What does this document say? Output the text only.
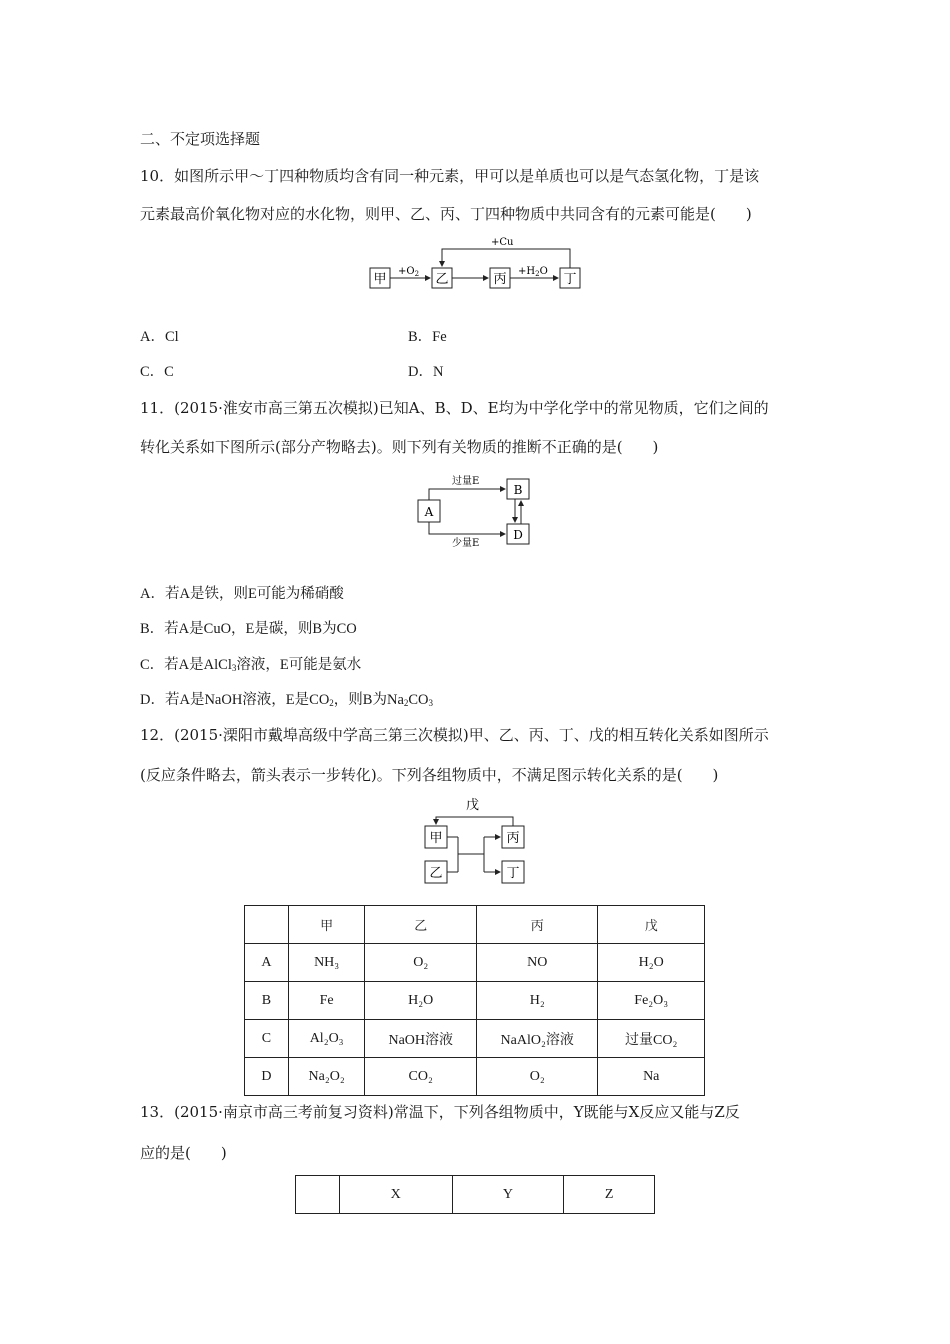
二、不定项选择题
10．如图所示甲～丁四种物质均含有同一种元素，甲可以是单质也可以是气态氢化物，丁是该
元素最高价氧化物对应的水化物，则甲、乙、丙、丁四种物质中共同含有的元素可能是(　　)
甲	乙	丙	丁
$+O_2$
+Cu
$+H_2O$
A．Cl	B．Fe
C．C	D．N
11．(2015·淮安市高三第五次模拟)已知A、B、D、E均为中学化学中的常见物质，它们之间的
转化关系如下图所示(部分产物略去)。则下列有关物质的推断不正确的是(　　)
A
B
D
过量E
少量E
A．若A是铁，则E可能为稀硝酸
B．若A是CuO，E是碳，则B为CO
C．若A是AlCl$_3$溶液，E可能是氨水
D．若A是NaOH溶液，E是$CO_2$，则B为$Na_2CO_3$
12．(2015·溧阳市戴埠高级中学高三第三次模拟)甲、乙、丙、丁、戊的相互转化关系如图所示
(反应条件略去，箭头表示一步转化)。下列各组物质中，不满足图示转化关系的是(　　)
戊
甲
乙
丙
丁
	甲	乙	丙	戊
A	NH₃	O₂	NO	H₂O
B	Fe	H₂O	H₂	Fe₂O₃
C	Al₂O₃	NaOH溶液	NaAlO₂溶液	过量CO₂
D	Na₂O₂	CO₂	O₂	Na
13．(2015·南京市高三考前复习资料)常温下，下列各组物质中，Y既能与X反应又能与Z反
应的是(　　)
	X	Y	Z
